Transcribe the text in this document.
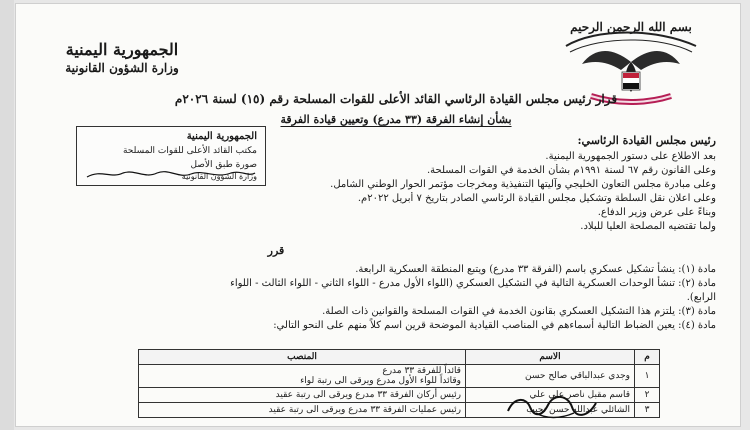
الجمهورية اليمنية
وزارة الشؤون القانونية
بسم الله الرحمن الرحيم
قرار رئيس مجلس القيادة الرئاسي القائد الأعلى للقوات المسلحة رقم (١٥) لسنة ٢٠٢٦م
بشأن إنشاء الفرقة (٣٣ مدرع) وتعيين قيادة الفرقة
الجمهورية اليمنية
مكتب القائد الأعلى للقوات المسلحة
صورة طبق الأصل
وزارة الشؤون القانونية
رئيس مجلس القيادة الرئاسي:
بعد الاطلاع على دستور الجمهورية اليمنية.
وعلى القانون رقم ٦٧ لسنة ١٩٩١م بشأن الخدمة في القوات المسلحة.
وعلى مبادرة مجلس التعاون الخليجي وآليتها التنفيذية ومخرجات مؤتمر الحوار الوطني الشامل.
وعلى اعلان نقل السلطة وتشكيل مجلس القيادة الرئاسي الصادر بتاريخ ٧ أبريل ٢٠٢٢م.
وبناءً على عرض وزير الدفاع.
ولما تقتضيه المصلحة العليا للبلاد.
قرر
مادة (١): ينشأ تشكيل عسكري باسم (الفرقة ٣٣ مدرع) ويتبع المنطقة العسكرية الرابعة.
مادة (٢): تنشأ الوحدات العسكرية التالية في التشكيل العسكري (اللواء الأول مدرع - اللواء الثاني - اللواء الثالث - اللواء
الرابع).
مادة (٣): يلتزم هذا التشكيل العسكري بقانون الخدمة في القوات المسلحة والقوانين ذات الصلة.
مادة (٤): يعين الضباط التالية أسماءهم في المناصب القيادية الموضحة قرين اسم كلاً منهم على النحو التالي:
المنصب	الاسم	م

قائداً للفرقة ٣٣ مدرع
وقائداً للواء الأول مدرع ويرقى الى رتبة لواء	وجدي عبدالباقي صالح حسن	١

رئيس أركان الفرقة ٣٣ مدرع ويرقى الى رتبة عقيد	قاسم مقبل ناصر علي علي	٢

رئيس عمليات الفرقة ٣٣ مدرع ويرقى الى رتبة عقيد	الشائلي عبدالله حسن نجيب	٣
